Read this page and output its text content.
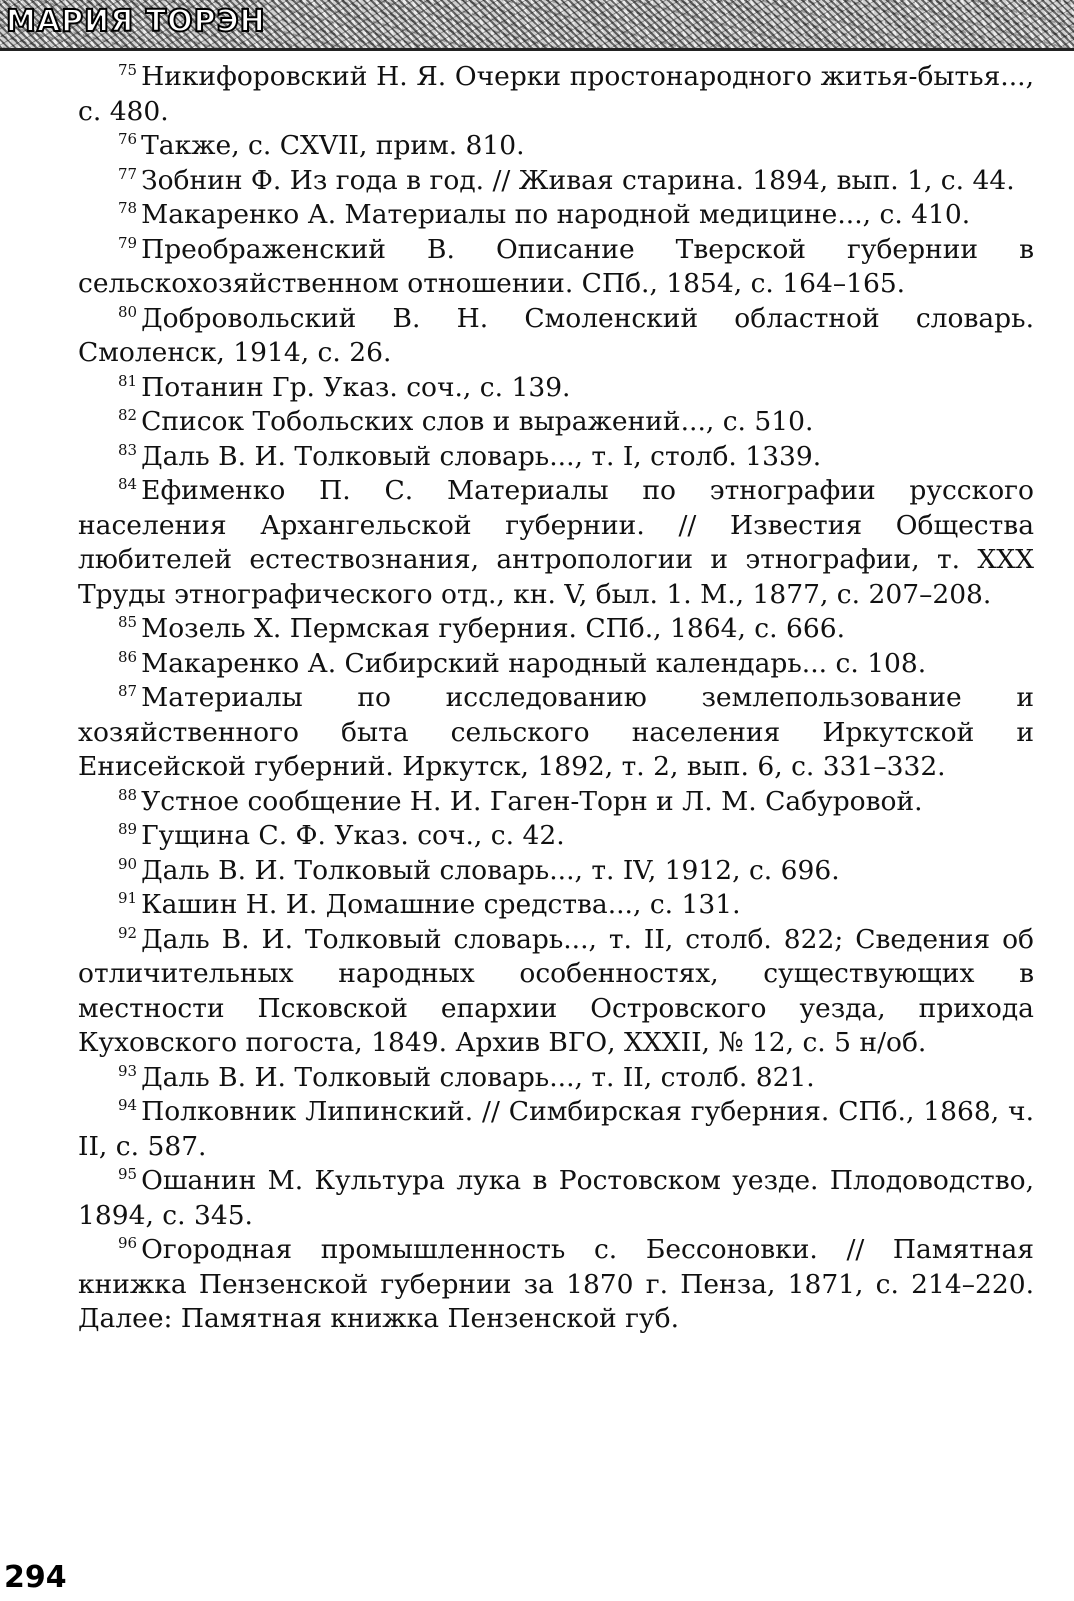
МАРИЯ ТОРЭН

$^{75}$ Никифоровский Н. Я. Очерки простонародного житья-бытья..., с. 480.

$^{76}$ Также, с. CXVII, прим. 810.

$^{77}$ Зобнин Ф. Из года в год. // Живая старина. 1894, вып. 1, с. 44.

$^{78}$ Макаренко А. Материалы по народной медицине..., с. 410.

$^{79}$ Преображенский В. Описание Тверской губернии в сельскохозяйственном отношении. СПб., 1854, с. 164–165.

$^{80}$ Добровольский В. Н. Смоленский областной словарь. Смоленск, 1914, с. 26.

$^{81}$ Потанин Гр. Указ. соч., с. 139.

$^{82}$ Список Тобольских слов и выражений..., с. 510.

$^{83}$ Даль В. И. Толковый словарь..., т. I, столб. 1339.

$^{84}$ Ефименко П. С. Материалы по этнографии русского населения Архангельской губернии. // Известия Общества любителей естествознания, антропологии и этнографии, т. XXX Труды этнографического отд., кн. V, был. 1. М., 1877, с. 207–208.

$^{85}$ Мозель Х. Пермская губерния. СПб., 1864, с. 666.

$^{86}$ Макаренко А. Сибирский народный календарь... с. 108.

$^{87}$ Материалы по исследованию землепользование и хозяйственного быта сельского населения Иркутской и Енисейской губерний. Иркутск, 1892, т. 2, вып. 6, с. 331–332.

$^{88}$ Устное сообщение Н. И. Гаген-Торн и Л. М. Сабуровой.

$^{89}$ Гущина С. Ф. Указ. соч., с. 42.

$^{90}$ Даль В. И. Толковый словарь..., т. IV, 1912, с. 696.

$^{91}$ Кашин Н. И. Домашние средства..., с. 131.

$^{92}$ Даль В. И. Толковый словарь..., т. II, столб. 822; Сведения об отличительных народных особенностях, существующих в местности Псковской епархии Островского уезда, прихода Куховского погоста, 1849. Архив ВГО, XXXII, № 12, с. 5 н/об.

$^{93}$ Даль В. И. Толковый словарь..., т. II, столб. 821.

$^{94}$ Полковник Липинский. // Симбирская губерния. СПб., 1868, ч. II, с. 587.

$^{95}$ Ошанин М. Культура лука в Ростовском уезде. Плодоводство, 1894, с. 345.

$^{96}$ Огородная промышленность с. Бессоновки. // Памятная книжка Пензенской губернии за 1870 г. Пенза, 1871, с. 214–220. Далее: Памятная книжка Пензенской губ.

294
